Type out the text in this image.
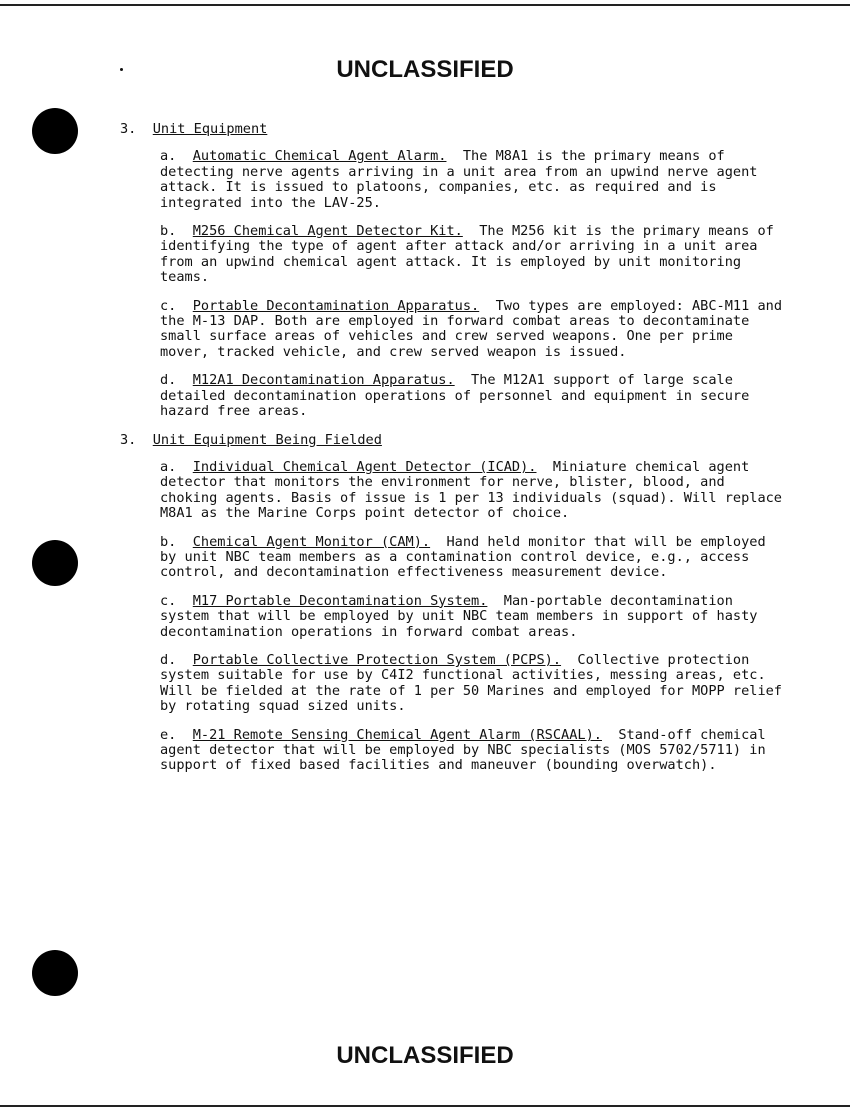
UNCLASSIFIED

3. Unit Equipment

a. Automatic Chemical Agent Alarm. The M8A1 is the primary means of detecting nerve agents arriving in a unit area from an upwind nerve agent attack. It is issued to platoons, companies, etc. as required and is integrated into the LAV-25.

b. M256 Chemical Agent Detector Kit. The M256 kit is the primary means of identifying the type of agent after attack and/or arriving in a unit area from an upwind chemical agent attack. It is employed by unit monitoring teams.

c. Portable Decontamination Apparatus. Two types are employed: ABC-M11 and the M-13 DAP. Both are employed in forward combat areas to decontaminate small surface areas of vehicles and crew served weapons. One per prime mover, tracked vehicle, and crew served weapon is issued.

d. M12A1 Decontamination Apparatus. The M12A1 support of large scale detailed decontamination operations of personnel and equipment in secure hazard free areas.

3. Unit Equipment Being Fielded

a. Individual Chemical Agent Detector (ICAD). Miniature chemical agent detector that monitors the environment for nerve, blister, blood, and choking agents. Basis of issue is 1 per 13 individuals (squad). Will replace M8A1 as the Marine Corps point detector of choice.

b. Chemical Agent Monitor (CAM). Hand held monitor that will be employed by unit NBC team members as a contamination control device, e.g., access control, and decontamination effectiveness measurement device.

c. M17 Portable Decontamination System. Man-portable decontamination system that will be employed by unit NBC team members in support of hasty decontamination operations in forward combat areas.

d. Portable Collective Protection System (PCPS). Collective protection system suitable for use by C4I2 functional activities, messing areas, etc. Will be fielded at the rate of 1 per 50 Marines and employed for MOPP relief by rotating squad sized units.

e. M-21 Remote Sensing Chemical Agent Alarm (RSCAAL). Stand-off chemical agent detector that will be employed by NBC specialists (MOS 5702/5711) in support of fixed based facilities and maneuver (bounding overwatch).

UNCLASSIFIED
